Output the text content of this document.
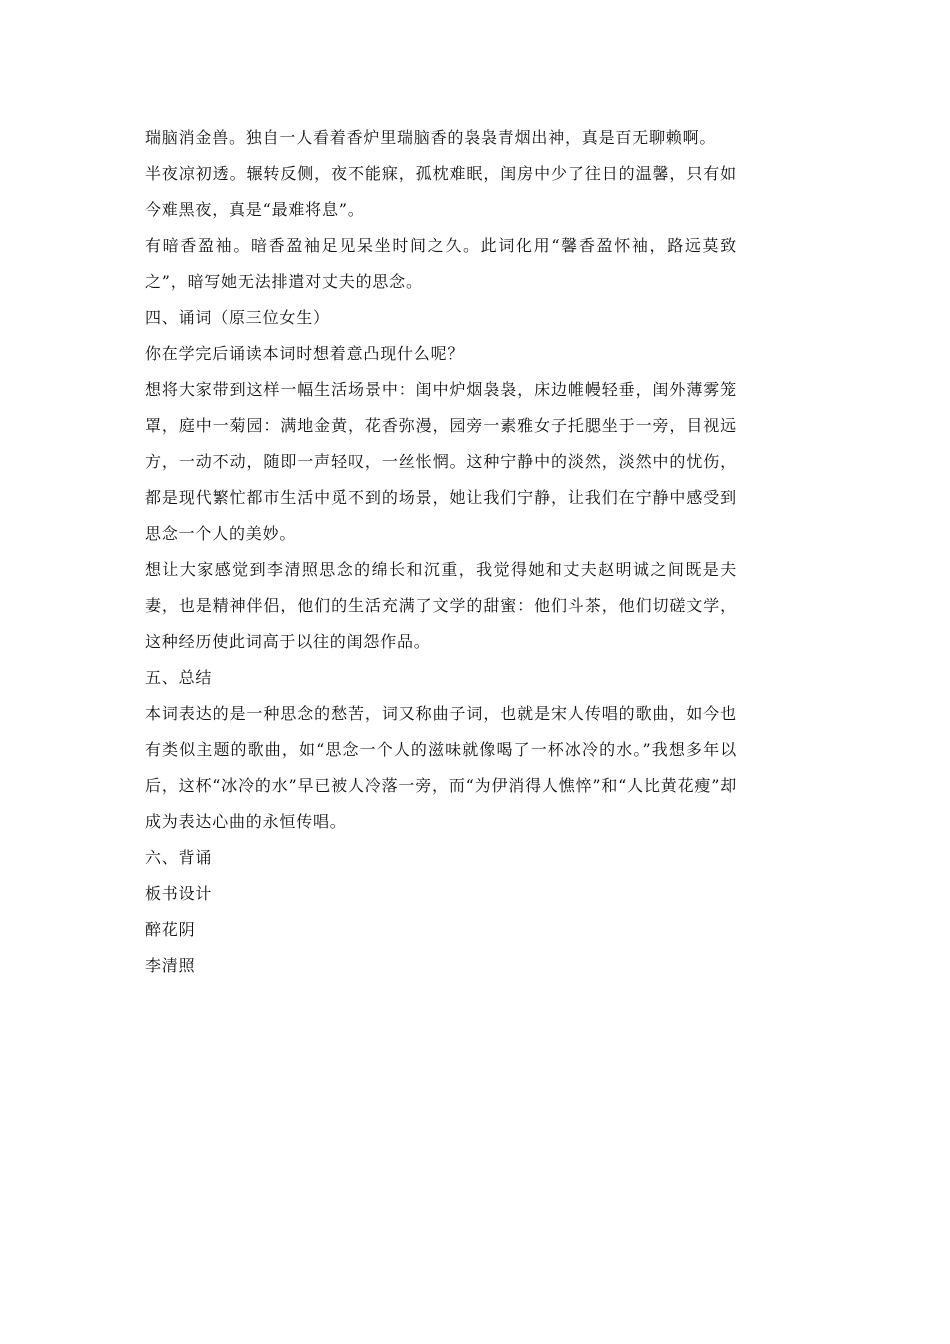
瑞脑消金兽。独自一人看着香炉里瑞脑香的袅袅青烟出神，真是百无聊赖啊。

半夜凉初透。辗转反侧，夜不能寐，孤枕难眠，闺房中少了往日的温馨，只有如今难黑夜，真是“最难将息”。

有暗香盈袖。暗香盈袖足见呆坐时间之久。此词化用“馨香盈怀袖，路远莫致之”，暗写她无法排遣对丈夫的思念。

四、诵词（原三位女生）

你在学完后诵读本词时想着意凸现什么呢？

想将大家带到这样一幅生活场景中：闺中炉烟袅袅，床边帷幔轻垂，闺外薄雾笼罩，庭中一菊园：满地金黄，花香弥漫，园旁一素雅女子托腮坐于一旁，目视远方，一动不动，随即一声轻叹，一丝怅惘。这种宁静中的淡然，淡然中的忧伤，都是现代繁忙都市生活中觅不到的场景，她让我们宁静，让我们在宁静中感受到思念一个人的美妙。

想让大家感觉到李清照思念的绵长和沉重，我觉得她和丈夫赵明诚之间既是夫妻，也是精神伴侣，他们的生活充满了文学的甜蜜：他们斗茶，他们切磋文学，这种经历使此词高于以往的闺怨作品。

五、总结

本词表达的是一种思念的愁苦，词又称曲子词，也就是宋人传唱的歌曲，如今也有类似主题的歌曲，如“思念一个人的滋味就像喝了一杯冰冷的水。”我想多年以后，这杯“冰冷的水”早已被人冷落一旁，而“为伊消得人憔悴”和“人比黄花瘦”却成为表达心曲的永恒传唱。

六、背诵

板书设计

醉花阴

李清照
